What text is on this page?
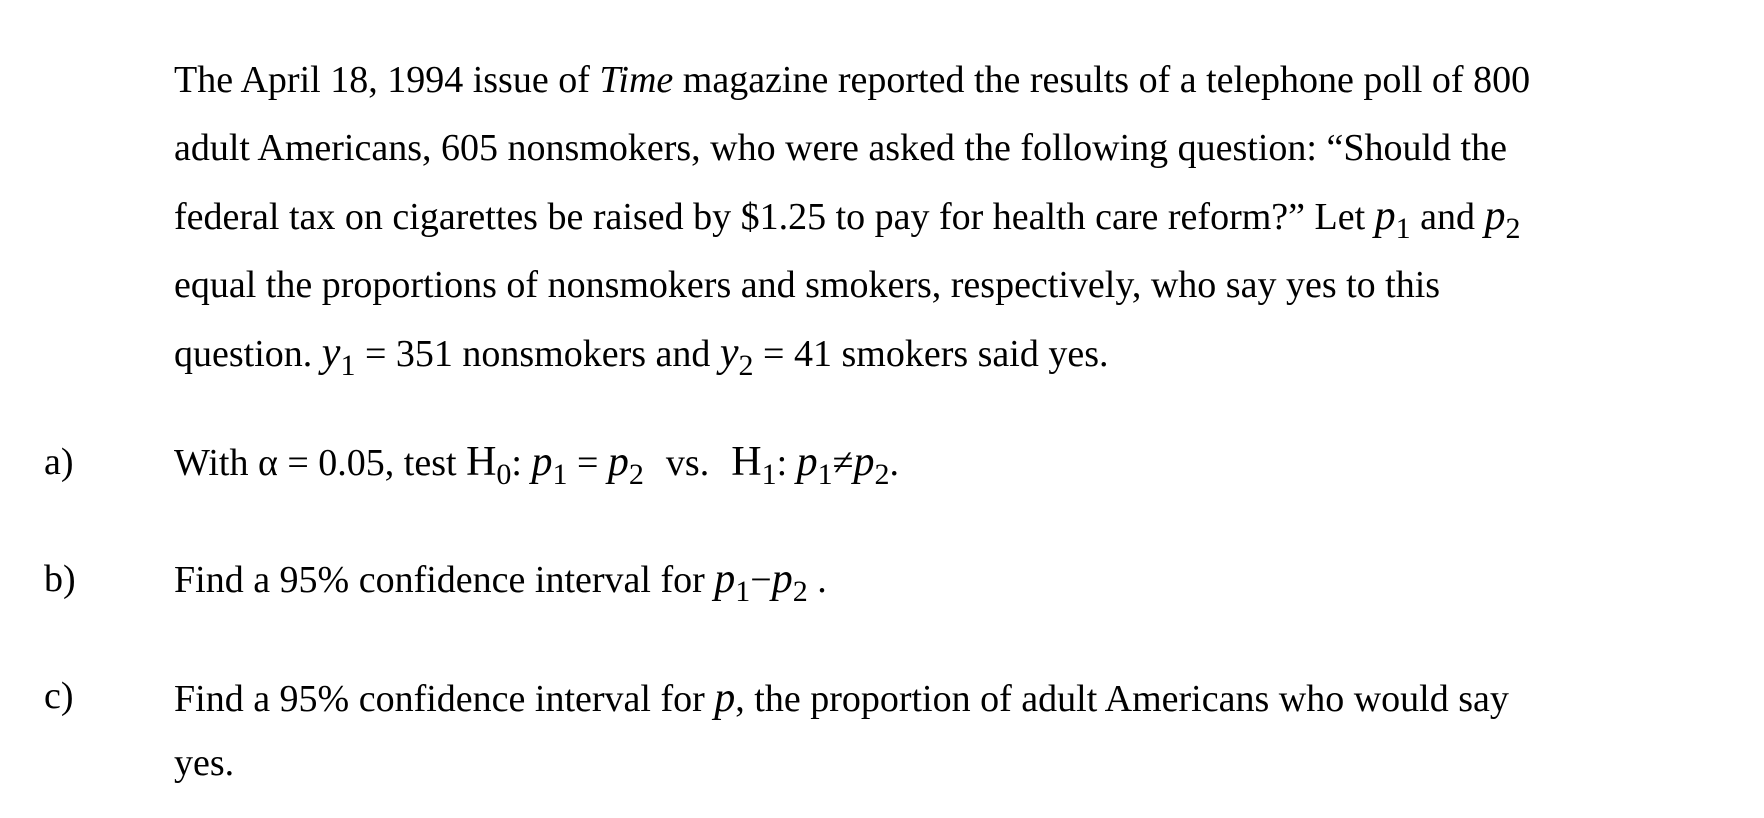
The April 18, 1994 issue of Time magazine reported the results of a telephone poll of 800
adult Americans, 605 nonsmokers, who were asked the following question: “Should the
federal tax on cigarettes be raised by $1.25 to pay for health care reform?” Let $p_1$ and $p_2$
equal the proportions of nonsmokers and smokers, respectively, who say yes to this
question. $y_1 = 351$ nonsmokers and $y_2 = 41$ smokers said yes.
a)	With α = 0.05, test $H_0$: $p_1 = p_2$ vs. $H_1$: $p_1\ne p_2$.
b)	Find a 95% confidence interval for $p_1-p_2$ .
c)	Find a 95% confidence interval for p, the proportion of adult Americans who would say
yes.
